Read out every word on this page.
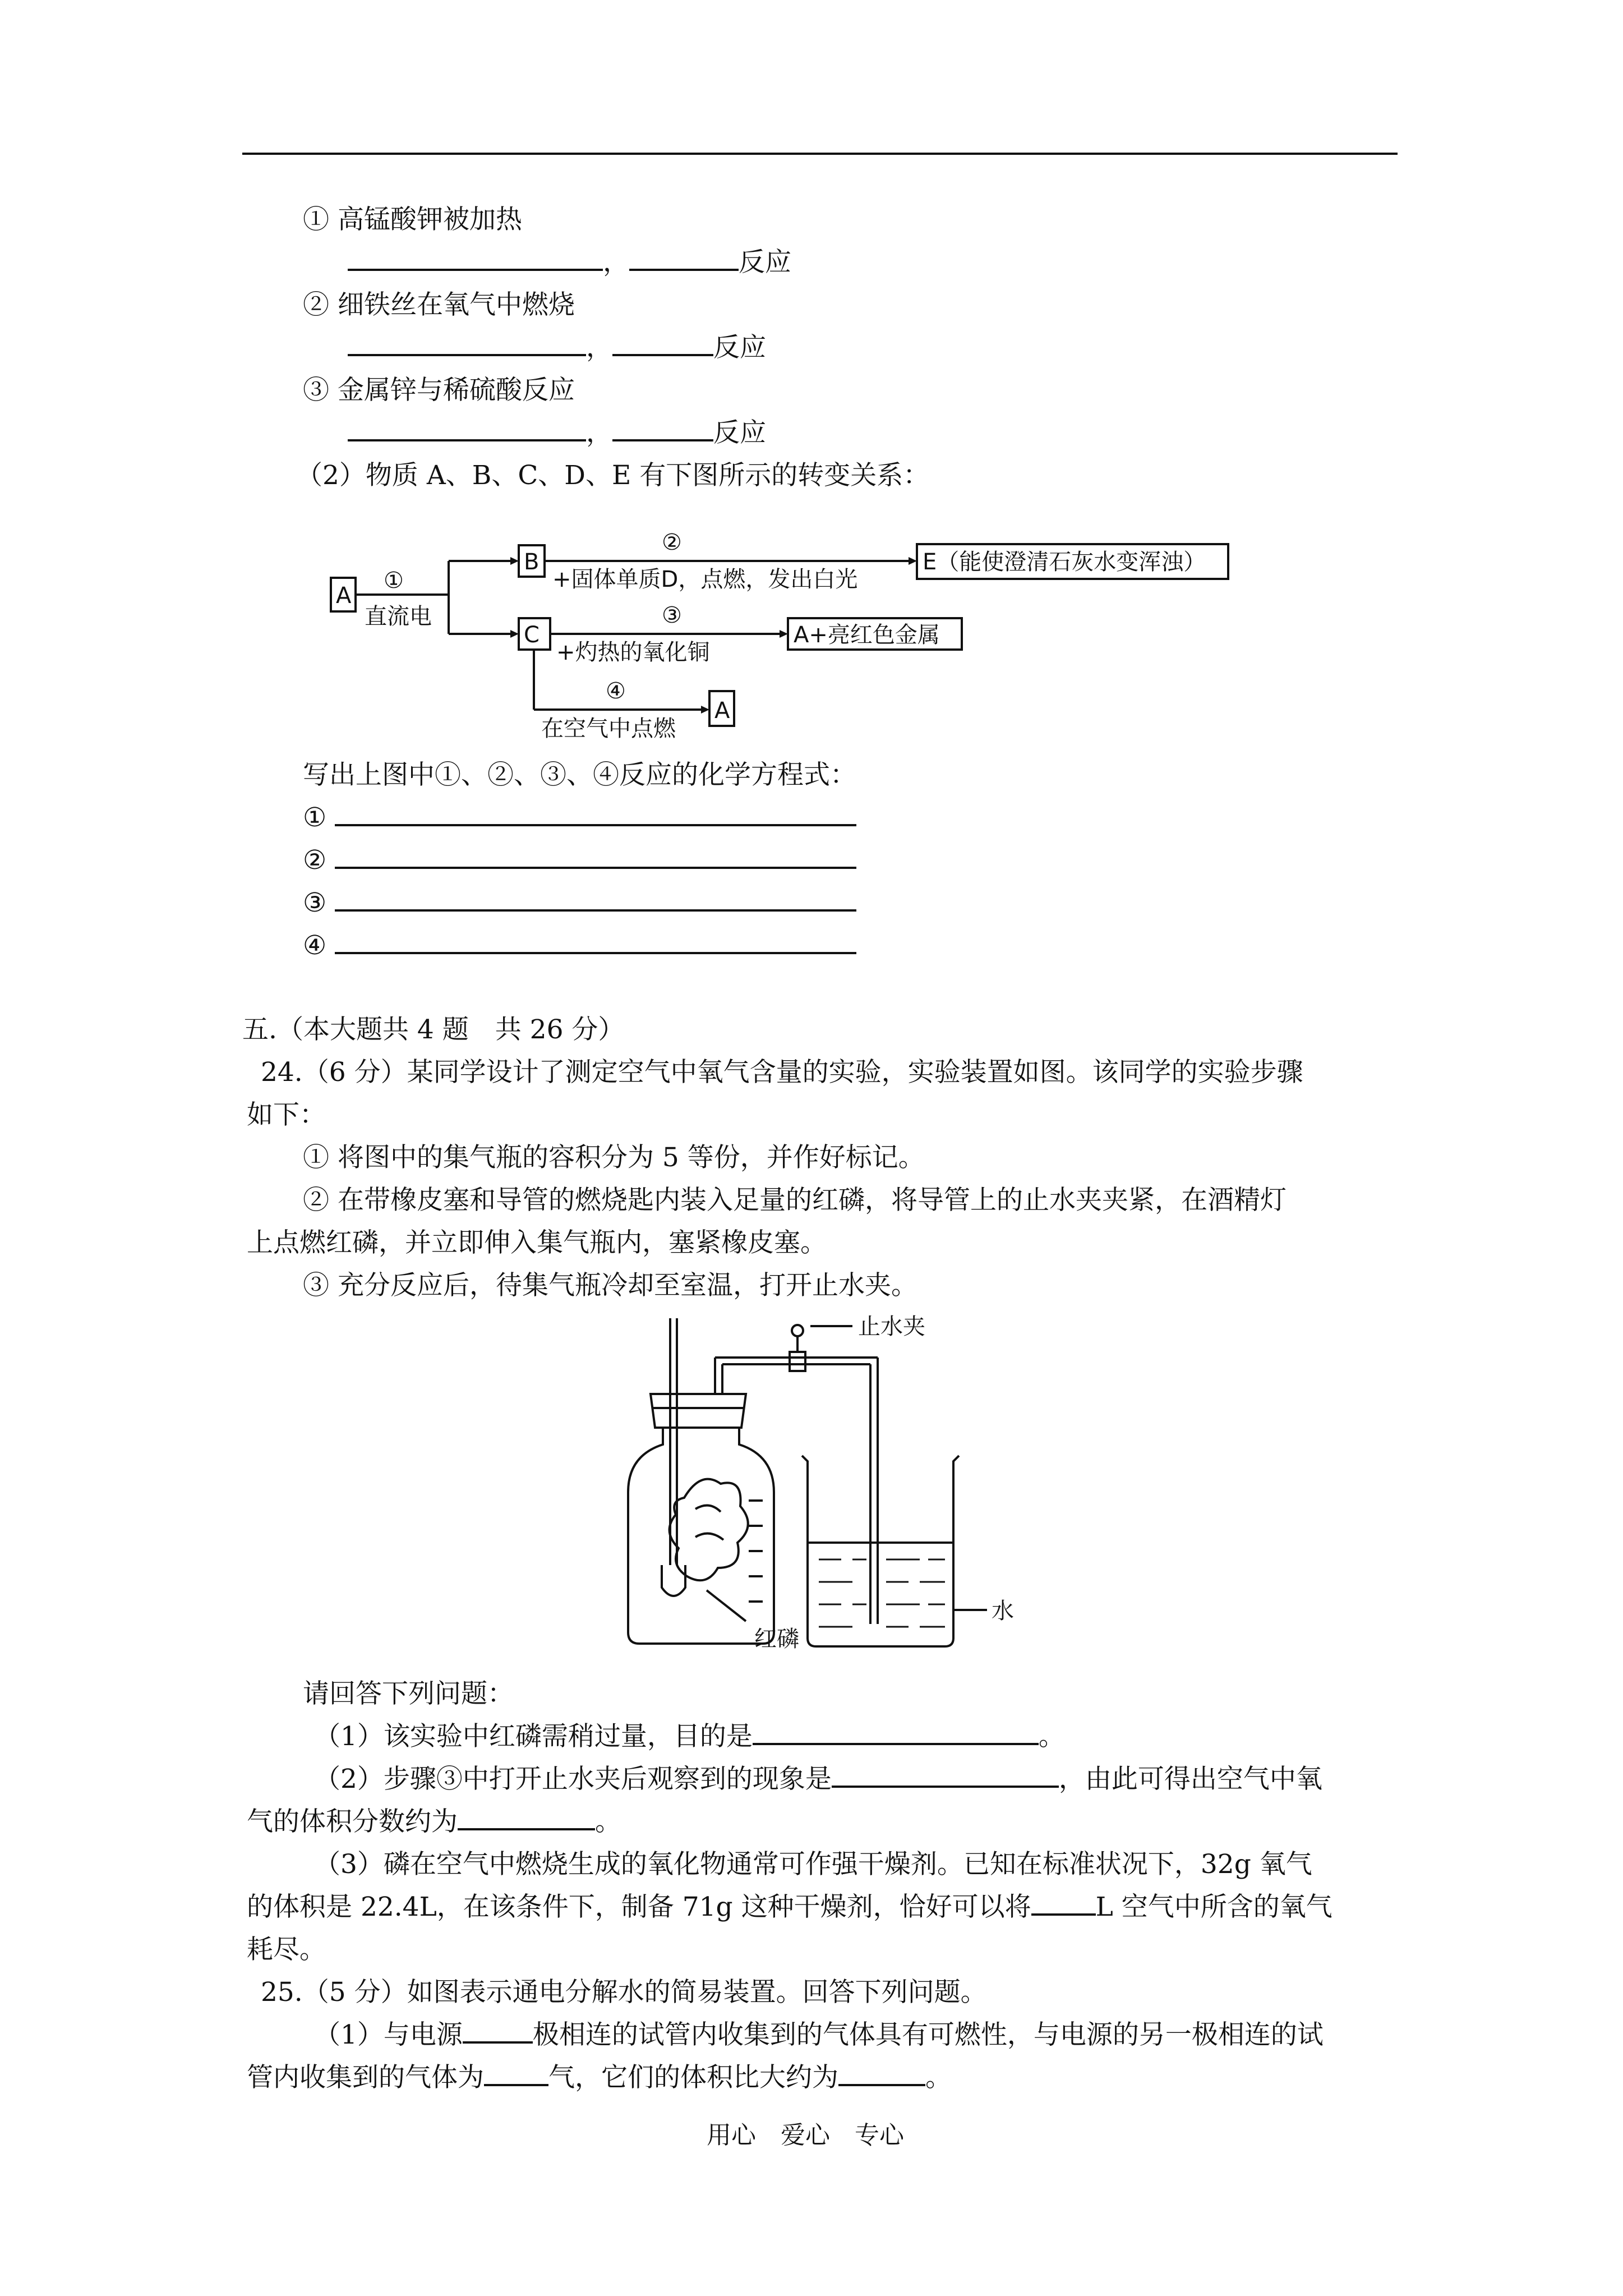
① 高锰酸钾被加热
，	反应
② 细铁丝在氧气中燃烧
，	反应
③ 金属锌与稀硫酸反应
，	反应
（2）物质 A、B、C、D、E 有下图所示的转变关系：
A
①
直流电
B
C
②
+固体单质D，点燃，发出白光
E（能使澄清石灰水变浑浊）
③
+灼热的氧化铜
A+亮红色金属
④
在空气中点燃
A
写出上图中①、②、③、④反应的化学方程式：
①
②
③
④
五.（本大题共 4 题　共 26 分）
24.（6 分）某同学设计了测定空气中氧气含量的实验，实验装置如图。该同学的实验步骤
如下：
① 将图中的集气瓶的容积分为 5 等份，并作好标记。
② 在带橡皮塞和导管的燃烧匙内装入足量的红磷，将导管上的止水夹夹紧，在酒精灯
上点燃红磷，并立即伸入集气瓶内，塞紧橡皮塞。
③ 充分反应后，待集气瓶冷却至室温，打开止水夹。
止水夹
水
红磷
请回答下列问题：
（1）该实验中红磷需稍过量，目的是	。
（2）步骤③中打开止水夹后观察到的现象是	，由此可得出空气中氧
气的体积分数约为	。
（3）磷在空气中燃烧生成的氧化物通常可作强干燥剂。已知在标准状况下，32g 氧气
的体积是 22.4L，在该条件下，制备 71g 这种干燥剂，恰好可以将 L 空气中所含的氧气
耗尽。
25.（5 分）如图表示通电分解水的简易装置。回答下列问题。
（1）与电源	极相连的试管内收集到的气体具有可燃性，与电源的另一极相连的试
管内收集到的气体为 气，它们的体积比大约为	。
用心　爱心　专心
